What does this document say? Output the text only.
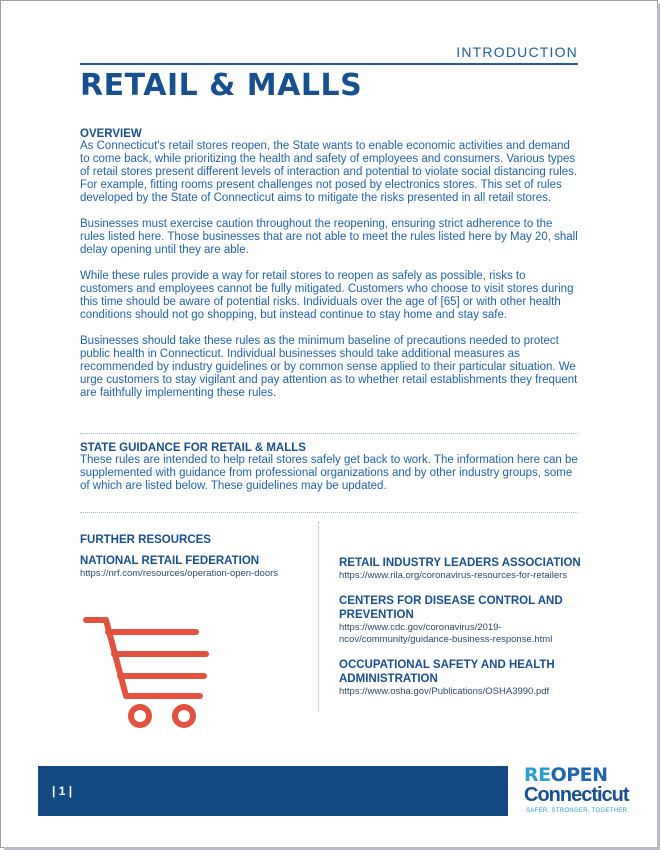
INTRODUCTION
RETAIL & MALLS
OVERVIEW

As Connecticut's retail stores reopen, the State wants to enable economic activities and demand to come back, while prioritizing the health and safety of employees and consumers. Various types of retail stores present different levels of interaction and potential to violate social distancing rules. For example, fitting rooms present challenges not posed by electronics stores. This set of rules developed by the State of Connecticut aims to mitigate the risks presented in all retail stores.

Businesses must exercise caution throughout the reopening, ensuring strict adherence to the rules listed here. Those businesses that are not able to meet the rules listed here by May 20, shall delay opening until they are able.

While these rules provide a way for retail stores to reopen as safely as possible, risks to customers and employees cannot be fully mitigated. Customers who choose to visit stores during this time should be aware of potential risks. Individuals over the age of [65] or with other health conditions should not go shopping, but instead continue to stay home and stay safe.

Businesses should take these rules as the minimum baseline of precautions needed to protect public health in Connecticut. Individual businesses should take additional measures as recommended by industry guidelines or by common sense applied to their particular situation. We urge customers to stay vigilant and pay attention as to whether retail establishments they frequent are faithfully implementing these rules.

STATE GUIDANCE FOR RETAIL & MALLS

These rules are intended to help retail stores safely get back to work. The information here can be supplemented with guidance from professional organizations and by other industry groups, some of which are listed below. These guidelines may be updated.

FURTHER RESOURCES
NATIONAL RETAIL FEDERATION
https://nrf.com/resources/operation-open-doors
RETAIL INDUSTRY LEADERS ASSOCIATION
https://www.rila.org/coronavirus-resources-for-retailers
CENTERS FOR DISEASE CONTROL AND PREVENTION
https://www.cdc.gov/coronavirus/2019-ncov/community/guidance-business-response.html
OCCUPATIONAL SAFETY AND HEALTH ADMINISTRATION
https://www.osha.gov/Publications/OSHA3990.pdf
| 1 |
REOPEN
Connecticut
SAFER. STRONGER. TOGETHER.
